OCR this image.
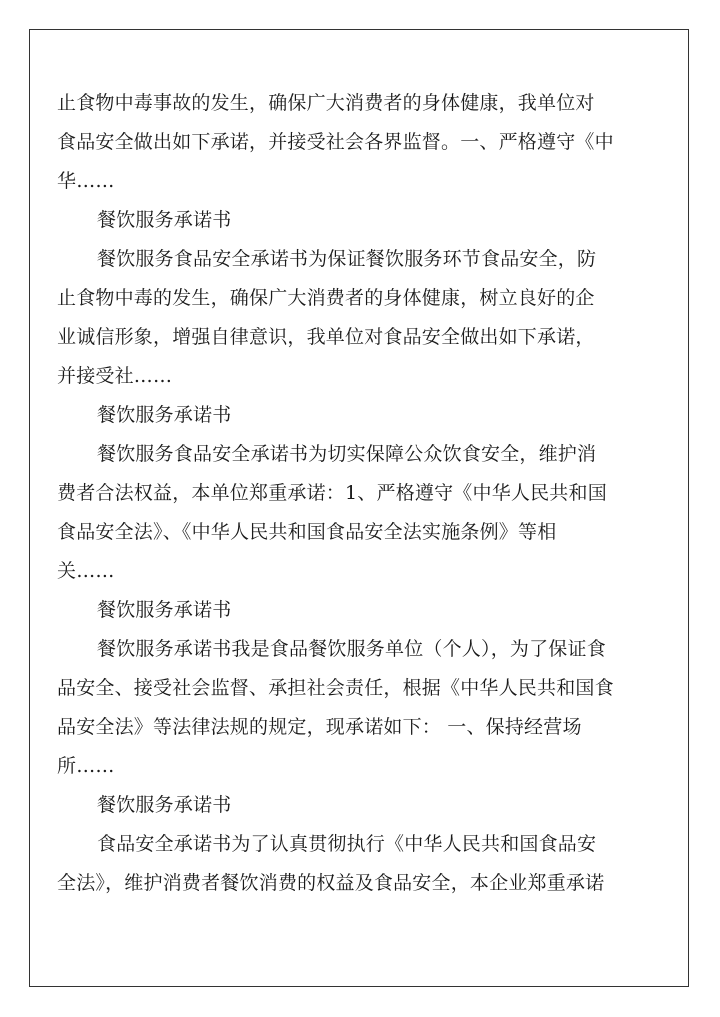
止食物中毒事故的发生，确保广大消费者的身体健康，我单位对
食品安全做出如下承诺，并接受社会各界监督。一、严格遵守《中
华……
餐饮服务承诺书
餐饮服务食品安全承诺书为保证餐饮服务环节食品安全，防
止食物中毒的发生，确保广大消费者的身体健康，树立良好的企
业诚信形象，增强自律意识，我单位对食品安全做出如下承诺，
并接受社……
餐饮服务承诺书
餐饮服务食品安全承诺书为切实保障公众饮食安全，维护消
费者合法权益，本单位郑重承诺：1、严格遵守《中华人民共和国
食品安全法》、《中华人民共和国食品安全法实施条例》等相
关……
餐饮服务承诺书
餐饮服务承诺书我是食品餐饮服务单位（个人），为了保证食
品安全、接受社会监督、承担社会责任，根据《中华人民共和国食
品安全法》等法律法规的规定，现承诺如下： 一、保持经营场
所……
餐饮服务承诺书
食品安全承诺书为了认真贯彻执行《中华人民共和国食品安
全法》，维护消费者餐饮消费的权益及食品安全，本企业郑重承诺
